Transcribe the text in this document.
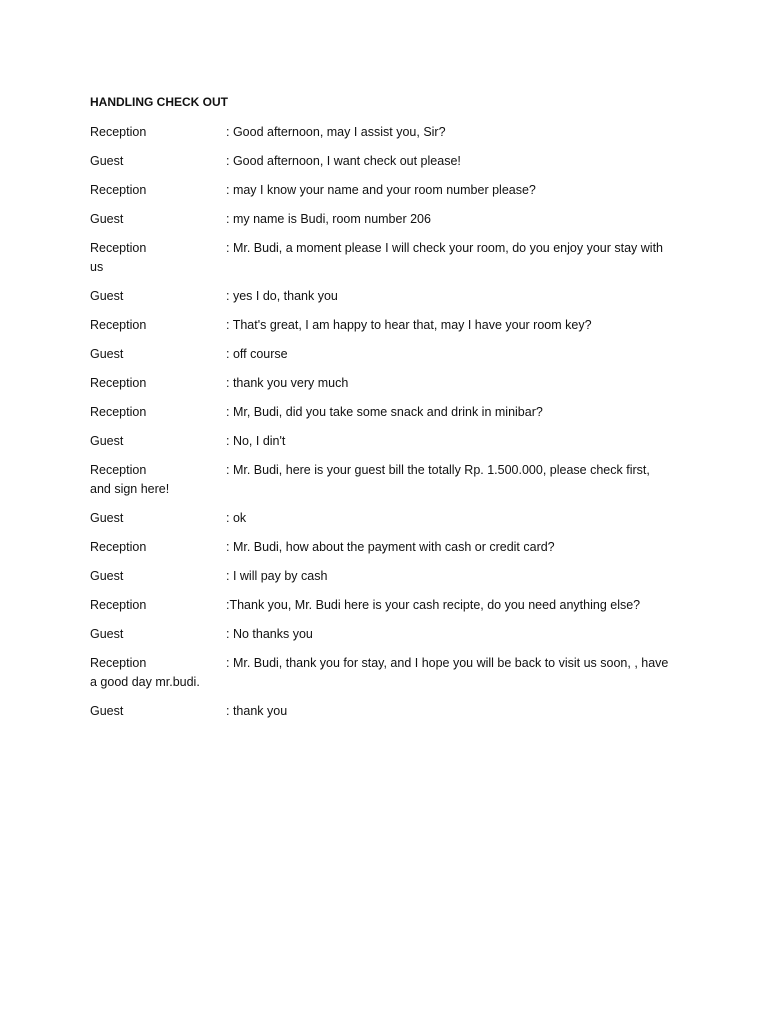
HANDLING CHECK OUT
Reception	: Good afternoon, may I assist you, Sir?
Guest	: Good afternoon, I want check out please!
Reception	: may I know your name and your room number please?
Guest	: my name is Budi, room number 206
Reception	: Mr. Budi, a moment please I will check your room, do you enjoy your stay with
us
Guest	: yes I do, thank you
Reception	: That's great, I am happy to hear that, may I have your room key?
Guest	: off course
Reception	: thank you very much
Reception	: Mr, Budi, did you take some snack and drink in minibar?
Guest	: No, I din't
Reception	: Mr. Budi, here is your guest bill the totally Rp. 1.500.000, please check first,
and sign here!
Guest	: ok
Reception	: Mr. Budi, how about the payment with cash or credit card?
Guest	: I will pay by cash
Reception	:Thank you, Mr. Budi here is your cash recipte, do you need anything else?
Guest	: No thanks you
Reception	: Mr. Budi, thank you for stay, and I hope you will be back to visit us soon, , have
a good day mr.budi.
Guest	: thank you
